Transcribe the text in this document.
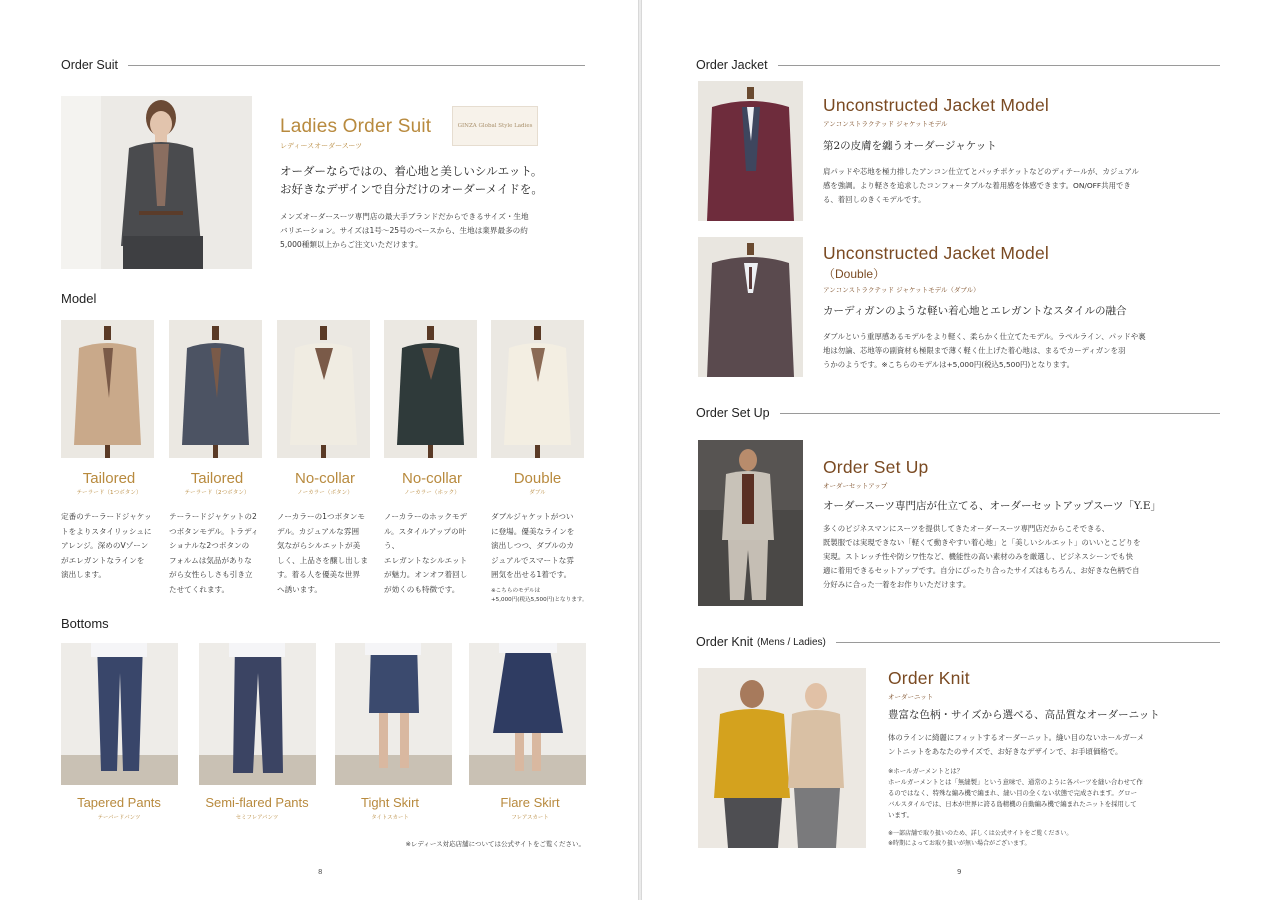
Order Suit
Ladies Order Suit
レディースオーダースーツ
GINZA Global Style Ladies
オーダーならではの、着心地と美しいシルエット。
お好きなデザインで自分だけのオーダーメイドを。
メンズオーダースーツ専門店の最大手ブランドだからできるサイズ・生地
バリエーション。サイズは1号〜25号のベースから、生地は業界最多の約
5,000種類以上からご注文いただけます。
Model
Tailored
テーラード（1つボタン）
定番のテーラードジャケッ
トをよりスタイリッシュに
アレンジ。深めのVゾーン
がエレガントなラインを
演出します。
Tailored
テーラード（2つボタン）
テーラードジャケットの2
つボタンモデル。トラディ
ショナルな2つボタンの
フォルムは気品がありな
がら女性らしさも引き立
たせてくれます。
No-collar
ノーカラー（ボタン）
ノーカラーの1つボタンモ
デル。カジュアルな雰囲
気ながらシルエットが美
しく、上品さを醸し出しま
す。着る人を優美な世界
へ誘います。
No-collar
ノーカラー（ホック）
ノーカラーのホックモデ
ル。スタイルアップの叶う、
エレガントなシルエット
が魅力。オンオフ着回し
が効くのも特徴です。
Double
ダブル
ダブルジャケットがつい
に登場。優美なラインを
演出しつつ、ダブルのカ
ジュアルでスマートな雰
囲気を出せる1着です。
※こちらのモデルは
+5,000円(税込5,500円)となります。
Bottoms
Tapered Pants
テーパードパンツ
Semi-flared Pants
セミフレアパンツ
Tight Skirt
タイトスカート
Flare Skirt
フレアスカート
※レディース対応店舗については公式サイトをご覧ください。
8
Order Jacket
Unconstructed Jacket Model
アンコンストラクテッド ジャケットモデル
第2の皮膚を纏うオーダージャケット
肩パッドや芯地を極力排したアンコン仕立てとパッチポケットなどのディテールが、カジュアル
感を強調。より軽さを追求したコンフォータブルな着用感を体感できます。ON/OFF共用でき
る、着回しのきくモデルです。
Unconstructed Jacket Model
（Double）
アンコンストラクテッド ジャケットモデル（ダブル）
カーディガンのような軽い着心地とエレガントなスタイルの融合
ダブルという重厚感あるモデルをより軽く、柔らかく仕立てたモデル。ラペルライン、パッドや裏
地は勿論、芯地等の副資材も極限まで薄く軽く仕上げた着心地は、まるでカーディガンを羽
うかのようです。※こちらのモデルは+5,000円(税込5,500円)となります。
Order Set Up
Order Set Up
オーダーセットアップ
オーダースーツ専門店が仕立てる、オーダーセットアップスーツ「Y.E」
多くのビジネスマンにスーツを提供してきたオーダースーツ専門店だからこそできる、
既製服では実現できない「軽くて動きやすい着心地」と「美しいシルエット」のいいとこどりを
実現。ストレッチ性や防シワ性など、機能性の高い素材のみを厳選し、ビジネスシーンでも快
適に着用できるセットアップです。自分にぴったり合ったサイズはもちろん、お好きな色柄で自
分好みに合った一着をお作りいただけます。
Order Knit (Mens / Ladies)
Order Knit
オーダーニット
豊富な色柄・サイズから選べる、高品質なオーダーニット
体のラインに綺麗にフィットするオーダーニット。縫い目のないホールガーメ
ントニットをあなたのサイズで、お好きなデザインで、お手頃価格で。
※ホールガーメントとは？
ホールガーメントとは「無縫製」という意味で、通常のように各パーツを縫い合わせて作
るのではなく、特殊な編み機で編まれ、縫い目の全くない状態で完成されます。グロー
バルスタイルでは、日本が世界に誇る島精機の自動編み機で編まれたニットを採用して
います。
※一部店舗で取り扱いのため、詳しくは公式サイトをご覧ください。
※時期によってお取り扱いが無い場合がございます。
9
